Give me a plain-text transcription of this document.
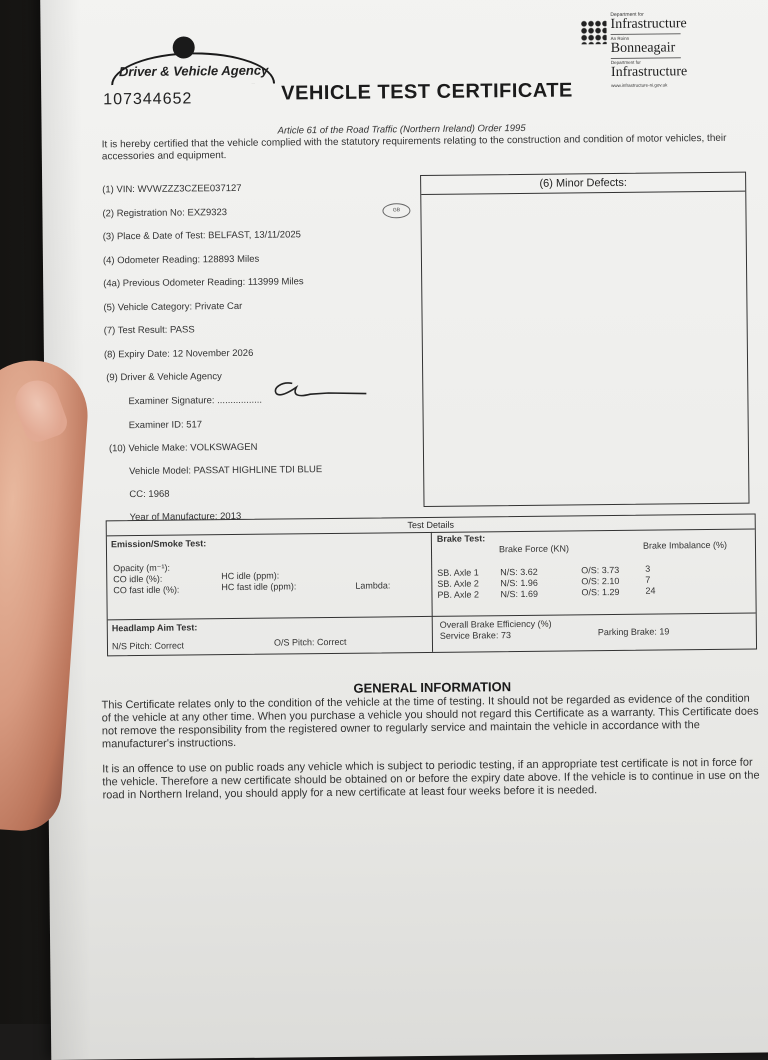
Driver & Vehicle Agency
107344652	VEHICLE TEST CERTIFICATE
Department for
Infrastructure
An Roinn
Bonneagair
Department fur
Infrastructure
www.infrastructure-ni.gov.uk
Article 61 of the Road Traffic (Northern Ireland) Order 1995
It is hereby certified that the vehicle complied with the statutory requirements relating to the construction and condition of motor vehicles, their accessories and equipment.
(1) VIN: WVWZZZ3CZEE037127
(2) Registration No: EXZ9323	GB
(3) Place & Date of Test: BELFAST, 13/11/2025
(4) Odometer Reading: 128893 Miles
(4a) Previous Odometer Reading: 113999 Miles
(5) Vehicle Category: Private Car
(7) Test Result: PASS
(8) Expiry Date: 12 November 2026
(9) Driver & Vehicle Agency
Examiner Signature: .................
Examiner ID: 517
(10) Vehicle Make: VOLKSWAGEN
Vehicle Model: PASSAT HIGHLINE TDI BLUE
CC: 1968
Year of Manufacture: 2013
(6) Minor Defects:
Test Details
Emission/Smoke Test:
Opacity (m⁻¹):
CO idle (%):
CO fast idle (%):
HC idle (ppm):
HC fast idle (ppm):	Lambda:
Headlamp Aim Test:
N/S Pitch: Correct	O/S Pitch: Correct
Brake Test:
Brake Force (KN)	Brake Imbalance (%)
SB. Axle 1 N/S: 3.62	O/S: 3.73	3
SB. Axle 2 N/S: 1.96	O/S: 2.10	7
PB. Axle 2 N/S: 1.69	O/S: 1.29	24
Overall Brake Efficiency (%)
Service Brake: 73	Parking Brake: 19
GENERAL INFORMATION
This Certificate relates only to the condition of the vehicle at the time of testing. It should not be regarded as evidence of the condition of the vehicle at any other time. When you purchase a vehicle you should not regard this Certificate as a warranty. This Certificate does not remove the responsibility from the registered owner to regularly service and maintain the vehicle in accordance with the manufacturer's instructions.
It is an offence to use on public roads any vehicle which is subject to periodic testing, if an appropriate test certificate is not in force for the vehicle. Therefore a new certificate should be obtained on or before the expiry date above. If the vehicle is to continue in use on the road in Northern Ireland, you should apply for a new certificate at least four weeks before it is needed.
